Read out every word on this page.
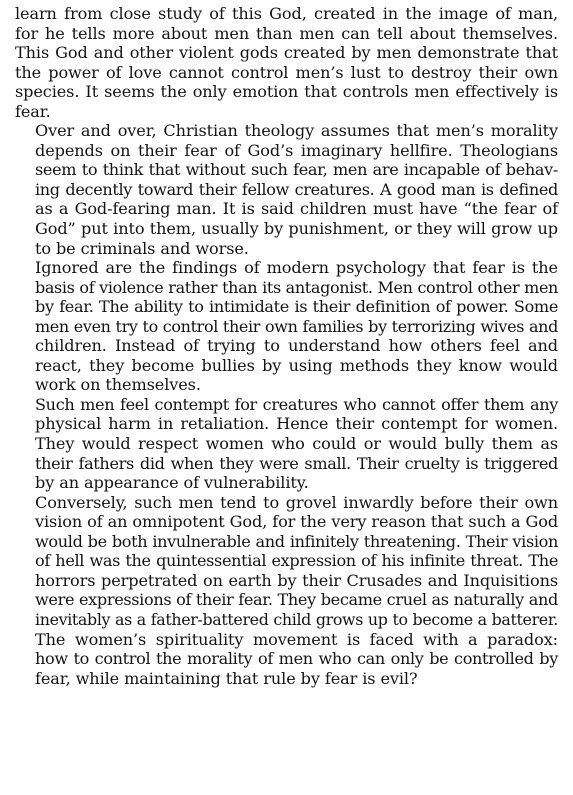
learn from close study of this God, created in the image of man,
for he tells more about men than men can tell about themselves.
This God and other violent gods created by men demonstrate that
the power of love cannot control men’s lust to destroy their own
species. It seems the only emotion that controls men effectively is
fear.

Over and over, Christian theology assumes that men’s morality
depends on their fear of God’s imaginary hellfire. Theologians
seem to think that without such fear, men are incapable of behav-
ing decently toward their fellow creatures. A good man is defined
as a God-fearing man. It is said children must have “the fear of
God” put into them, usually by punishment, or they will grow up
to be criminals and worse.

Ignored are the findings of modern psychology that fear is the
basis of violence rather than its antagonist. Men control other men
by fear. The ability to intimidate is their definition of power. Some
men even try to control their own families by terrorizing wives and
children. Instead of trying to understand how others feel and
react, they become bullies by using methods they know would
work on themselves.

Such men feel contempt for creatures who cannot offer them any
physical harm in retaliation. Hence their contempt for women.
They would respect women who could or would bully them as
their fathers did when they were small. Their cruelty is triggered
by an appearance of vulnerability.

Conversely, such men tend to grovel inwardly before their own
vision of an omnipotent God, for the very reason that such a God
would be both invulnerable and infinitely threatening. Their vision
of hell was the quintessential expression of his infinite threat. The
horrors perpetrated on earth by their Crusades and Inquisitions
were expressions of their fear. They became cruel as naturally and
inevitably as a father-battered child grows up to become a batterer.

The women’s spirituality movement is faced with a paradox:
how to control the morality of men who can only be controlled by
fear, while maintaining that rule by fear is evil?
